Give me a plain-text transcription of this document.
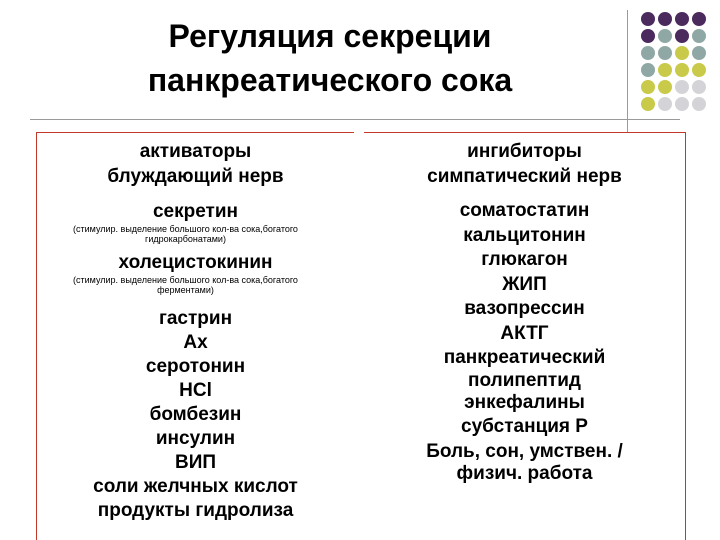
Регуляция секреции
панкреатического сока
активаторы
блуждающий нерв
секретин
(стимулир. выделение большого кол-ва сока,богатого гидрокарбонатами)
холецистокинин
(стимулир. выделение большого кол-ва сока,богатого ферментами)
гастрин
Ах
серотонин
HCl
бомбезин
инсулин
ВИП
соли желчных кислот
продукты гидролиза
ингибиторы
симпатический нерв
соматостатин
кальцитонин
глюкагон
ЖИП
вазопрессин
АКТГ
панкреатический
полипептид
энкефалины
субстанция Р
Боль, сон, умствен. /
физич. работа
